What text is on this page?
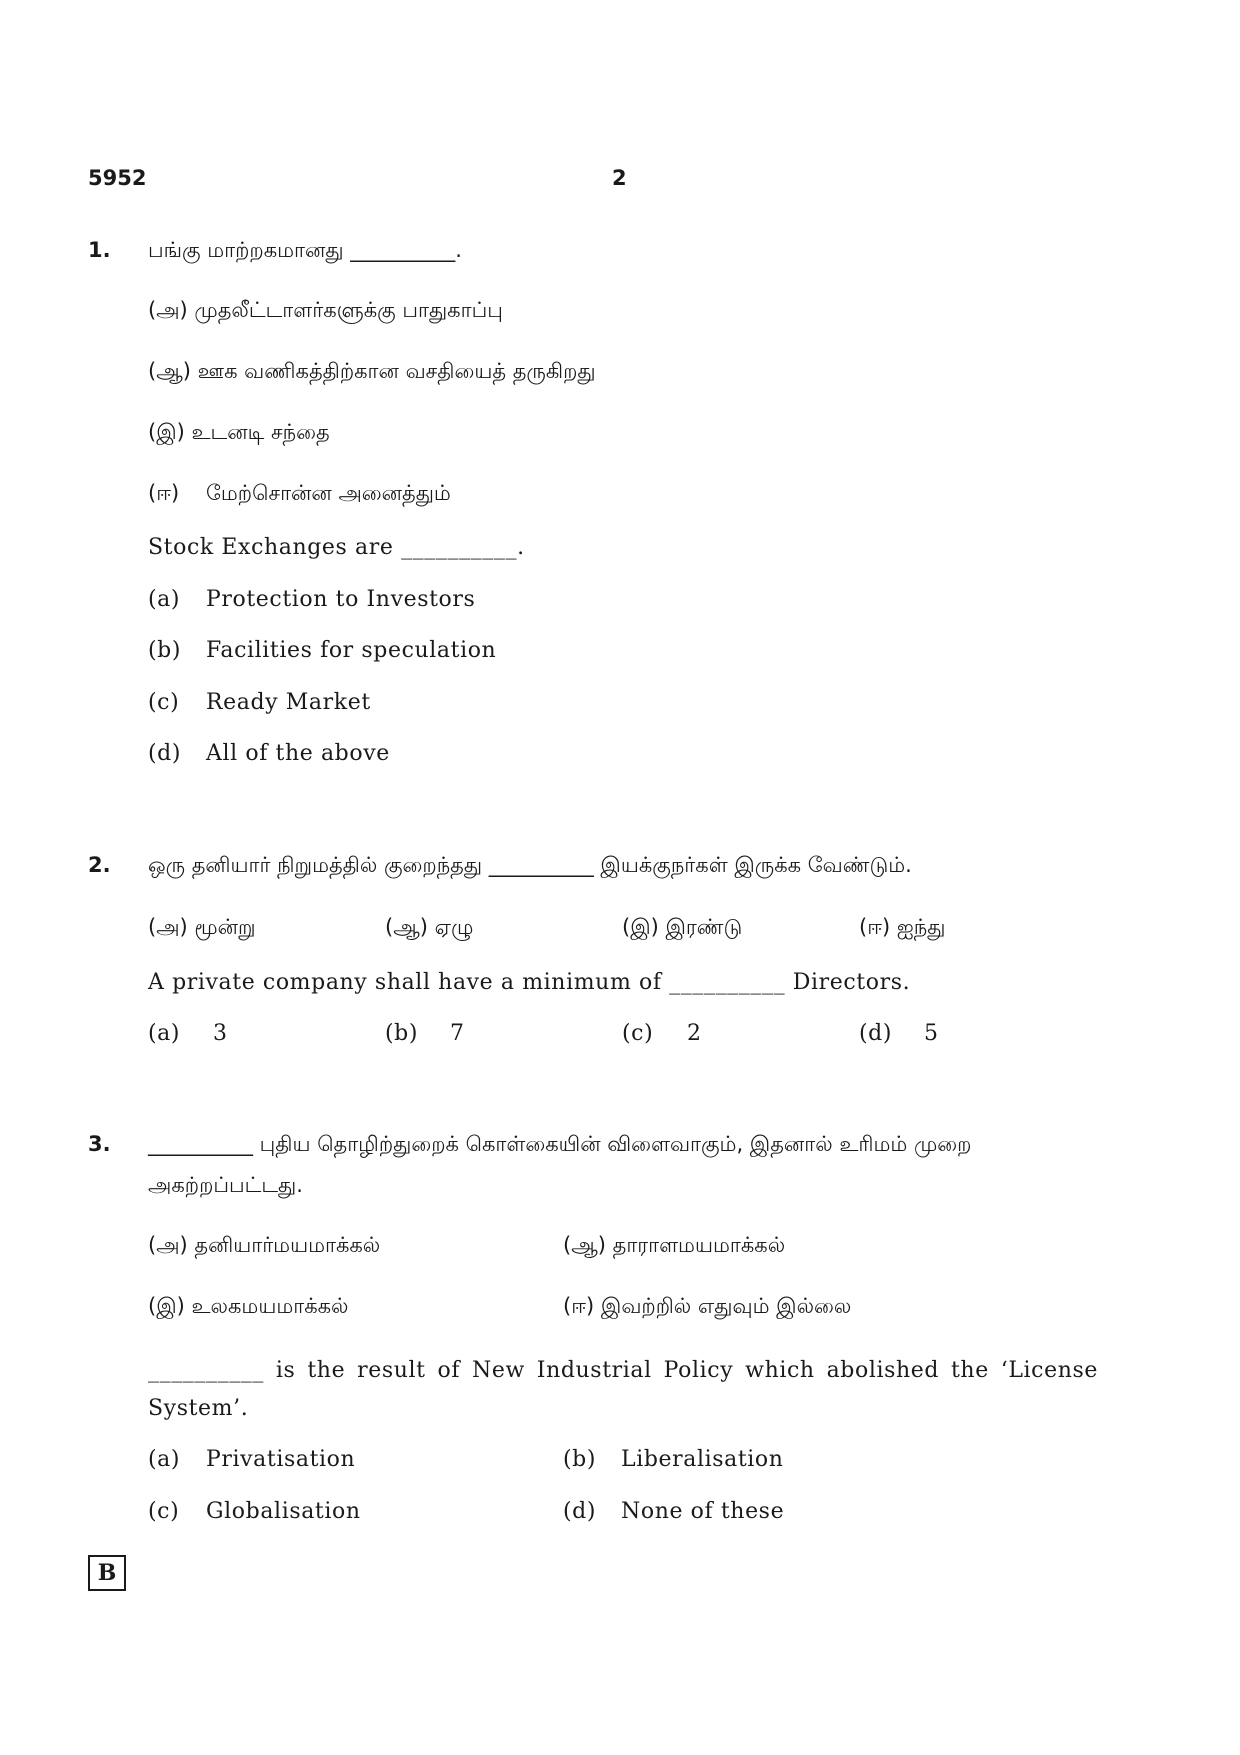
5952	2
1. பங்கு மாற்றகமானது __________.
(அ) முதலீட்டாளர்களுக்கு பாதுகாப்பு
(ஆ) ஊக வணிகத்திற்கான வசதியைத் தருகிறது
(இ) உடனடி சந்தை
(ஈ) மேற்சொன்ன அனைத்தும்
Stock Exchanges are __________.
(a) Protection to Investors
(b) Facilities for speculation
(c) Ready Market
(d) All of the above
2. ஒரு தனியார் நிறுமத்தில் குறைந்தது __________ இயக்குநர்கள் இருக்க வேண்டும்.
(அ) மூன்று	(ஆ) ஏழு	(இ) இரண்டு	(ஈ) ஐந்து
A private company shall have a minimum of __________ Directors.
(a) 3	(b) 7	(c) 2	(d) 5
3. __________ புதிய தொழிற்துறைக் கொள்கையின் விளைவாகும், இதனால் உரிமம் முறை
அகற்றப்பட்டது.
(அ) தனியார்மயமாக்கல்	(ஆ) தாராளமயமாக்கல்
(இ) உலகமயமாக்கல்	(ஈ) இவற்றில் எதுவும் இல்லை
__________ is the result of New Industrial Policy which abolished the ‘License
System’.
(a) Privatisation	(b) Liberalisation
(c) Globalisation	(d) None of these
B
